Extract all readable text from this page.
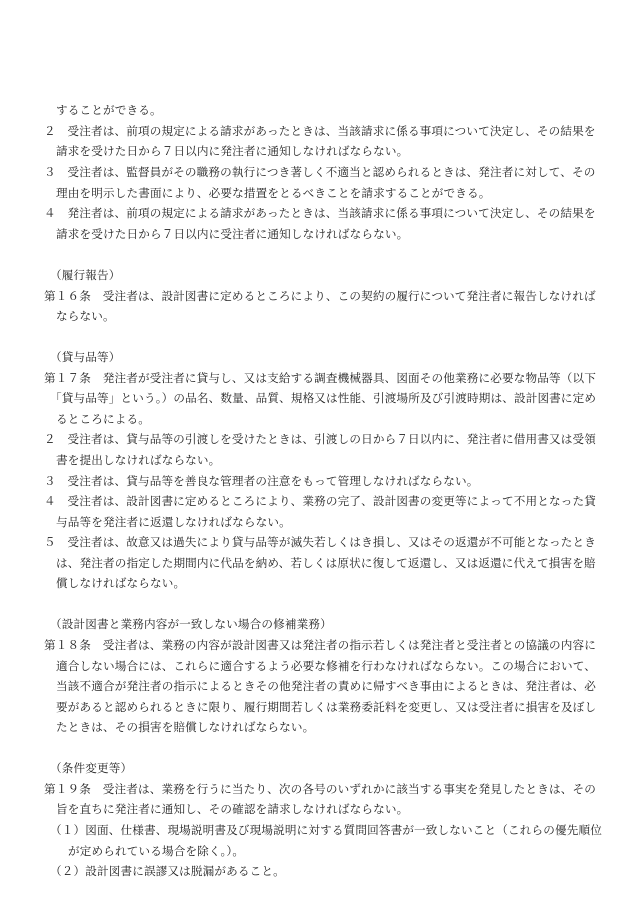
することができる。
２　受注者は、前項の規定による請求があったときは、当該請求に係る事項について決定し、その結果を
請求を受けた日から７日以内に発注者に通知しなければならない。
３　受注者は、監督員がその職務の執行につき著しく不適当と認められるときは、発注者に対して、その
理由を明示した書面により、必要な措置をとるべきことを請求することができる。
４　発注者は、前項の規定による請求があったときは、当該請求に係る事項について決定し、その結果を
請求を受けた日から７日以内に受注者に通知しなければならない。
（履行報告）
第１６条　受注者は、設計図書に定めるところにより、この契約の履行について発注者に報告しなければ
ならない。
（貸与品等）
第１７条　発注者が受注者に貸与し、又は支給する調査機械器具、図面その他業務に必要な物品等（以下
「貸与品等」という。）の品名、数量、品質、規格又は性能、引渡場所及び引渡時期は、設計図書に定め
るところによる。
２　受注者は、貸与品等の引渡しを受けたときは、引渡しの日から７日以内に、発注者に借用書又は受領
書を提出しなければならない。
３　受注者は、貸与品等を善良な管理者の注意をもって管理しなければならない。
４　受注者は、設計図書に定めるところにより、業務の完了、設計図書の変更等によって不用となった貸
与品等を発注者に返還しなければならない。
５　受注者は、故意又は過失により貸与品等が滅失若しくはき損し、又はその返還が不可能となったとき
は、発注者の指定した期間内に代品を納め、若しくは原状に復して返還し、又は返還に代えて損害を賠
償しなければならない。
（設計図書と業務内容が一致しない場合の修補業務）
第１８条　受注者は、業務の内容が設計図書又は発注者の指示若しくは発注者と受注者との協議の内容に
適合しない場合には、これらに適合するよう必要な修補を行わなければならない。この場合において、
当該不適合が発注者の指示によるときその他発注者の責めに帰すべき事由によるときは、発注者は、必
要があると認められるときに限り、履行期間若しくは業務委託料を変更し、又は受注者に損害を及ぼし
たときは、その損害を賠償しなければならない。
（条件変更等）
第１９条　受注者は、業務を行うに当たり、次の各号のいずれかに該当する事実を発見したときは、その
旨を直ちに発注者に通知し、その確認を請求しなければならない。
（１）図面、仕様書、現場説明書及び現場説明に対する質問回答書が一致しないこと（これらの優先順位
が定められている場合を除く。）。
（２）設計図書に誤謬又は脱漏があること。
